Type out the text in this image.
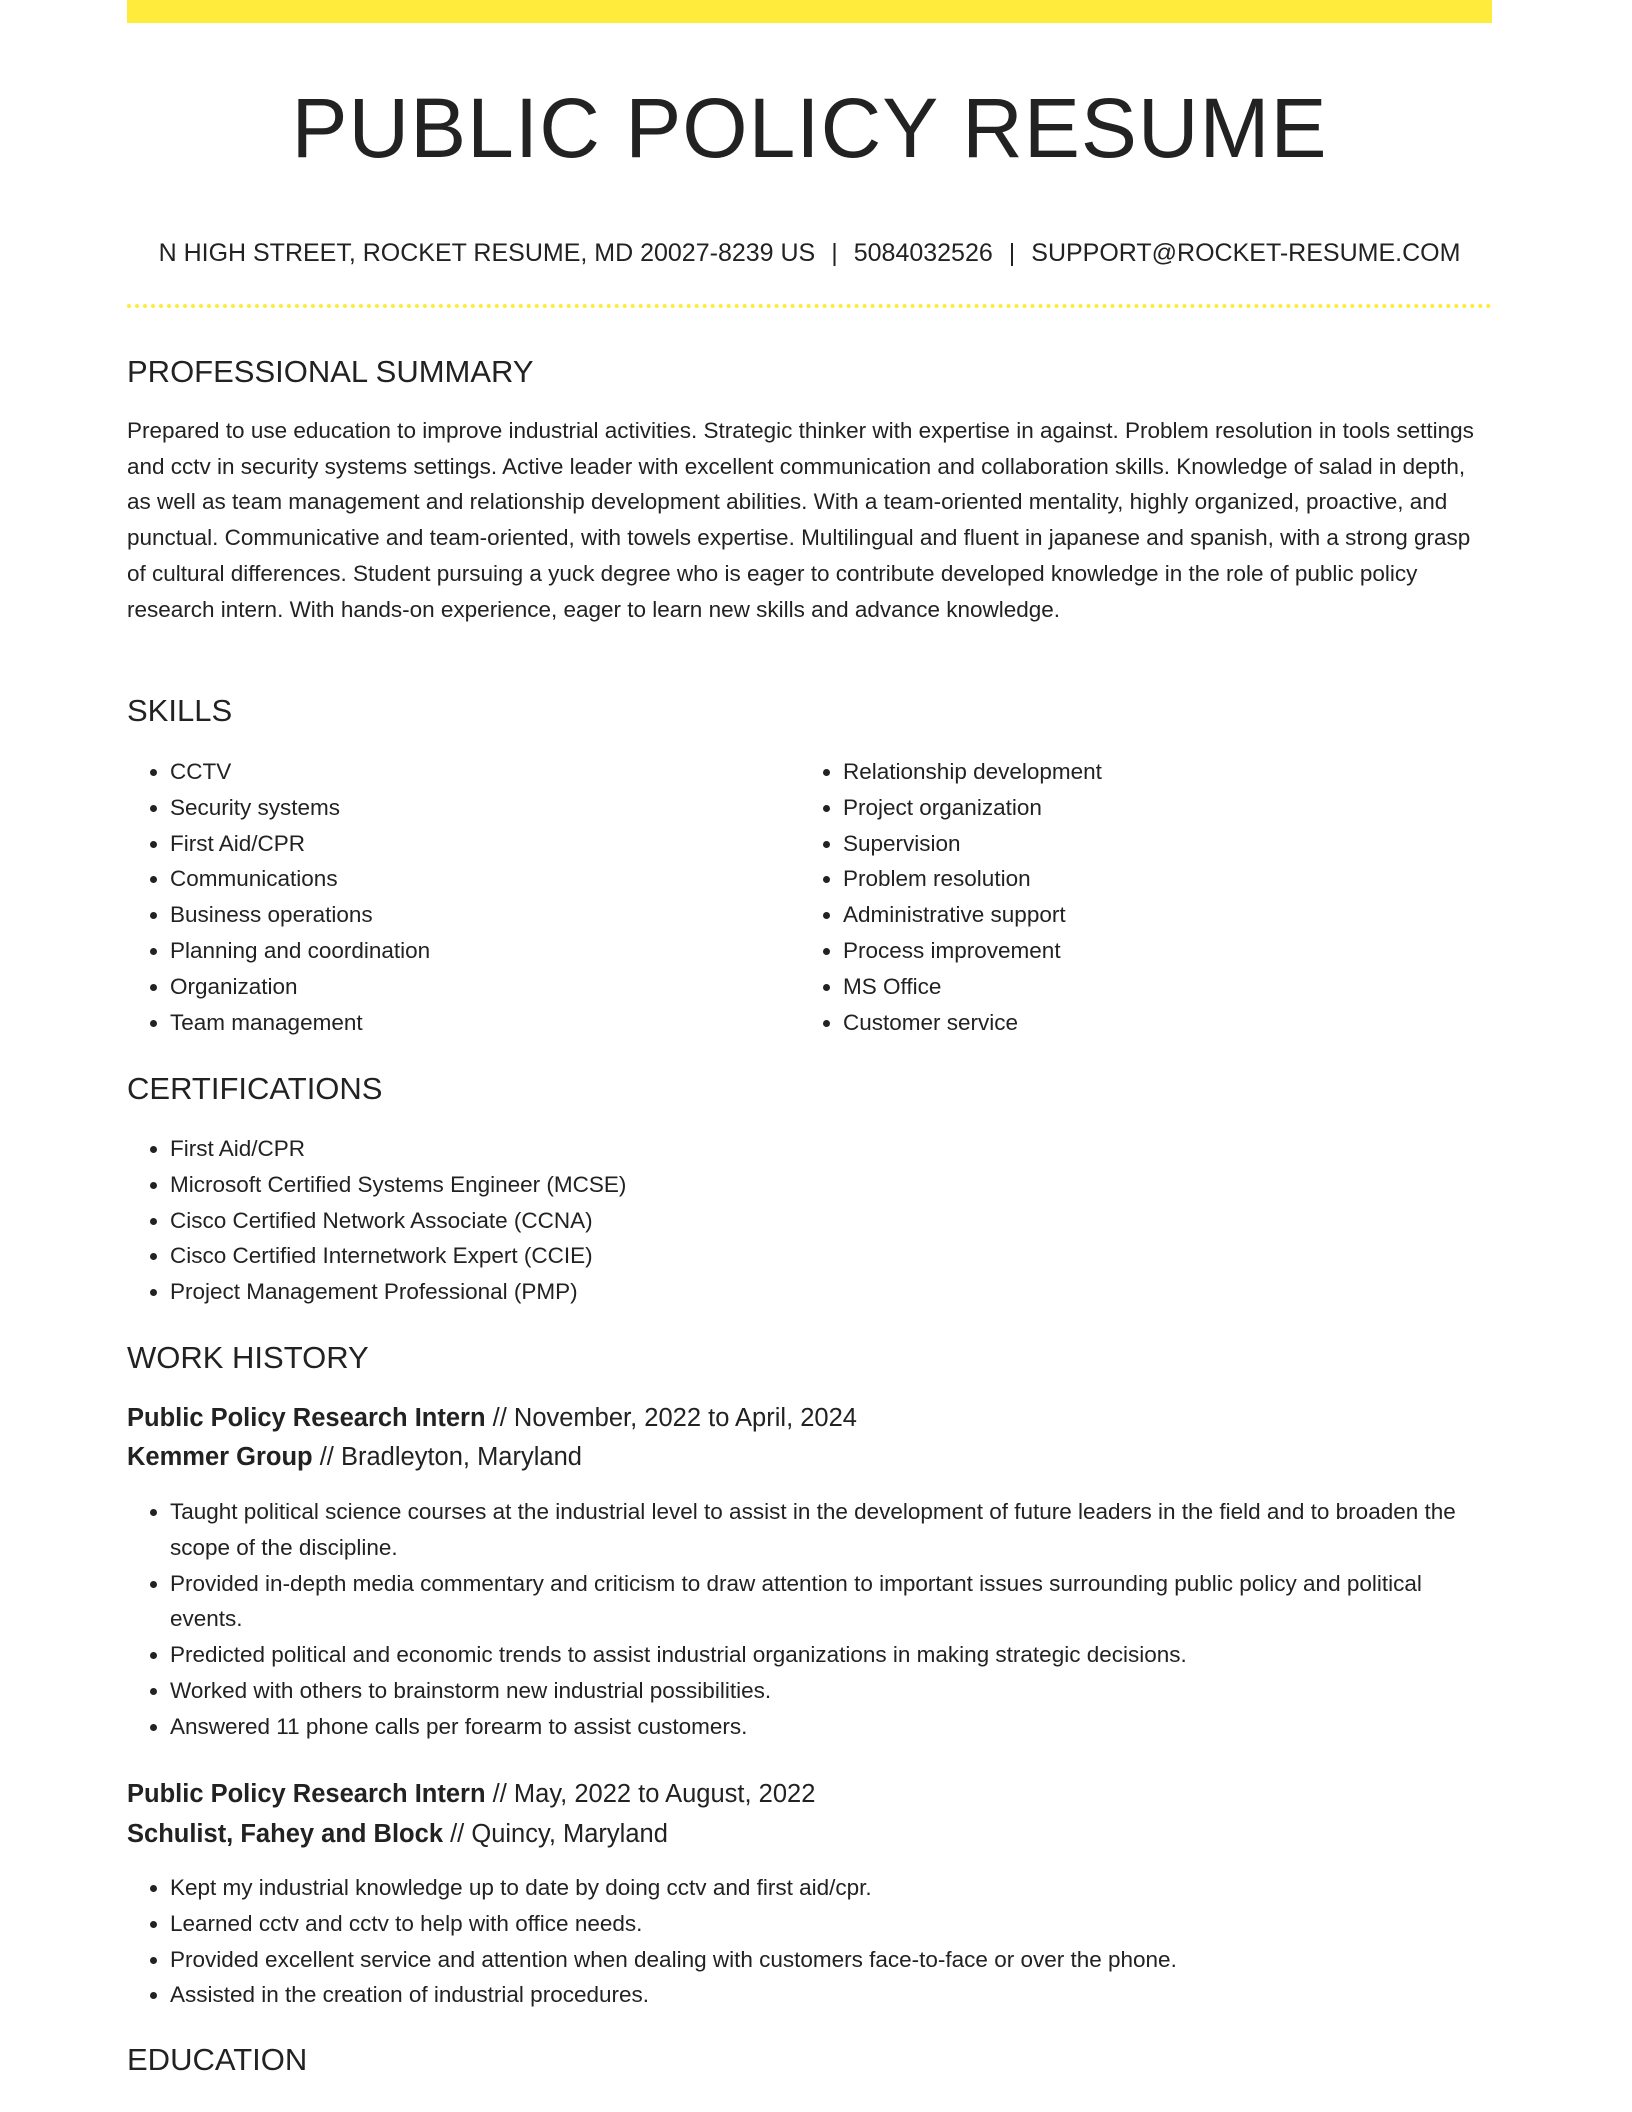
PUBLIC POLICY RESUME
N HIGH STREET, ROCKET RESUME, MD 20027-8239 US | 5084032526 | SUPPORT@ROCKET-RESUME.COM
PROFESSIONAL SUMMARY

Prepared to use education to improve industrial activities. Strategic thinker with expertise in against. Problem resolution in tools settings and cctv in security systems settings. Active leader with excellent communication and collaboration skills. Knowledge of salad in depth, as well as team management and relationship development abilities. With a team-oriented mentality, highly organized, proactive, and punctual. Communicative and team-oriented, with towels expertise. Multilingual and fluent in japanese and spanish, with a strong grasp of cultural differences. Student pursuing a yuck degree who is eager to contribute developed knowledge in the role of public policy research intern. With hands-on experience, eager to learn new skills and advance knowledge.

SKILLS
• CCTV
• Security systems
• First Aid/CPR
• Communications
• Business operations
• Planning and coordination
• Organization
• Team management
• Relationship development
• Project organization
• Supervision
• Problem resolution
• Administrative support
• Process improvement
• MS Office
• Customer service
CERTIFICATIONS
• First Aid/CPR
• Microsoft Certified Systems Engineer (MCSE)
• Cisco Certified Network Associate (CCNA)
• Cisco Certified Internetwork Expert (CCIE)
• Project Management Professional (PMP)
WORK HISTORY
Public Policy Research Intern // November, 2022 to April, 2024
Kemmer Group // Bradleyton, Maryland
• Taught political science courses at the industrial level to assist in the development of future leaders in the field and to broaden the scope of the discipline.
• Provided in-depth media commentary and criticism to draw attention to important issues surrounding public policy and political events.
• Predicted political and economic trends to assist industrial organizations in making strategic decisions.
• Worked with others to brainstorm new industrial possibilities.
• Answered 11 phone calls per forearm to assist customers.
Public Policy Research Intern // May, 2022 to August, 2022
Schulist, Fahey and Block // Quincy, Maryland
• Kept my industrial knowledge up to date by doing cctv and first aid/cpr.
• Learned cctv and cctv to help with office needs.
• Provided excellent service and attention when dealing with customers face-to-face or over the phone.
• Assisted in the creation of industrial procedures.
EDUCATION
